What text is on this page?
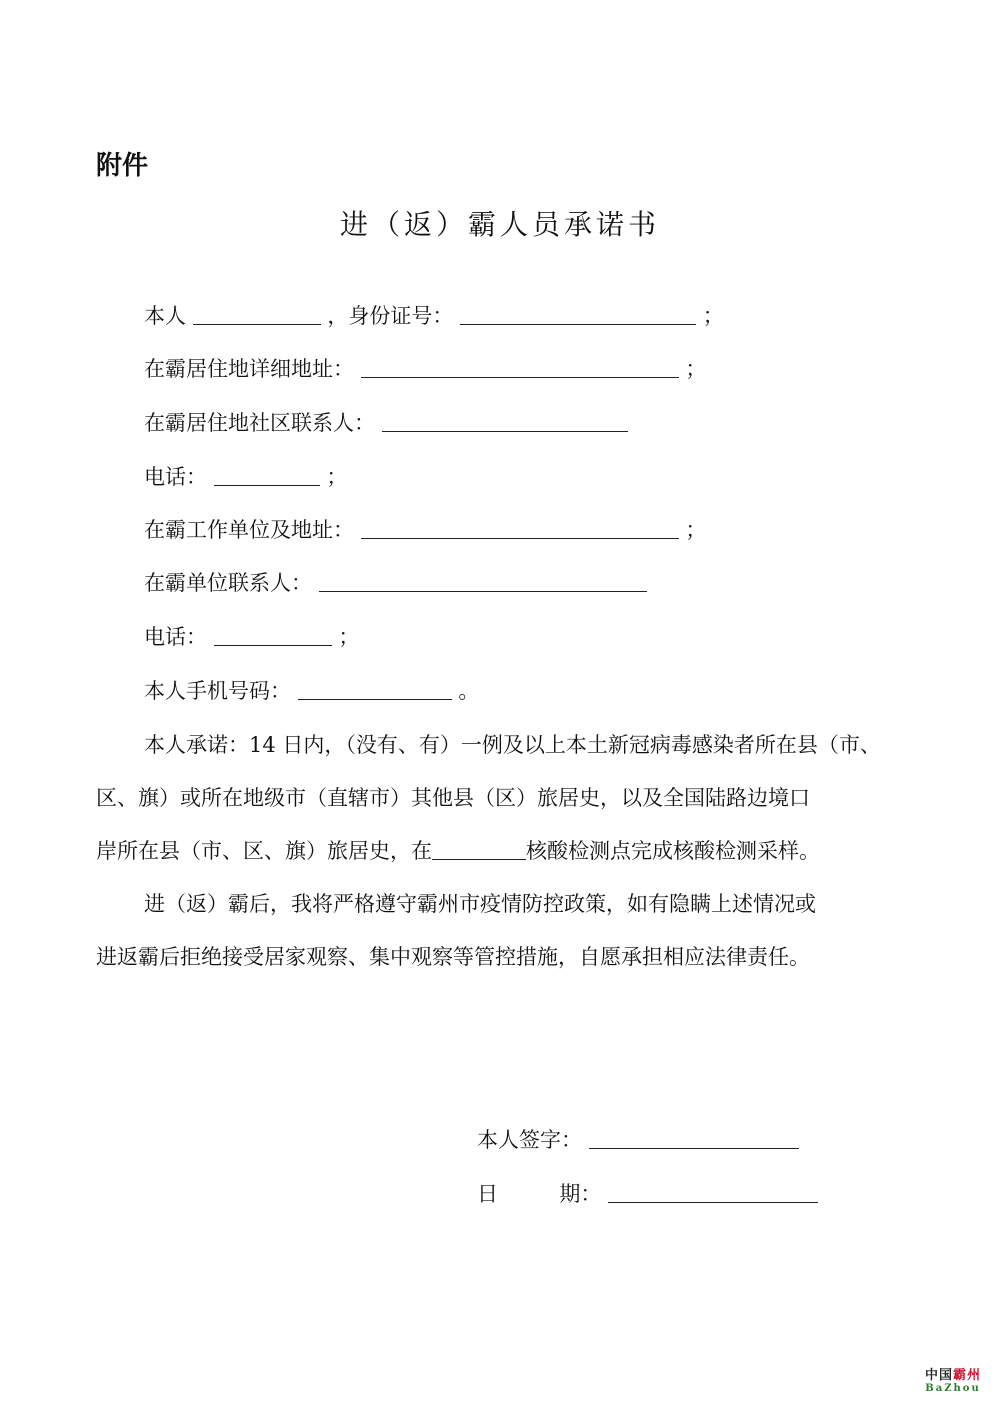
附件
进（返）霸人员承诺书
本人	，身份证号：	；
在霸居住地详细地址：	；
在霸居住地社区联系人：
电话：	；
在霸工作单位及地址：	；
在霸单位联系人：
电话：	；
本人手机号码：	。
本人承诺：14 日内，（没有、有）一例及以上本土新冠病毒感染者所在县（市、
区、旗）或所在地级市（直辖市）其他县（区）旅居史，以及全国陆路边境口
岸所在县（市、区、旗）旅居史，在	核酸检测点完成核酸检测采样。
进（返）霸后，我将严格遵守霸州市疫情防控政策，如有隐瞒上述情况或
进返霸后拒绝接受居家观察、集中观察等管控措施，自愿承担相应法律责任。
本人签字：
日	期：
中国霸州
BaZhou
